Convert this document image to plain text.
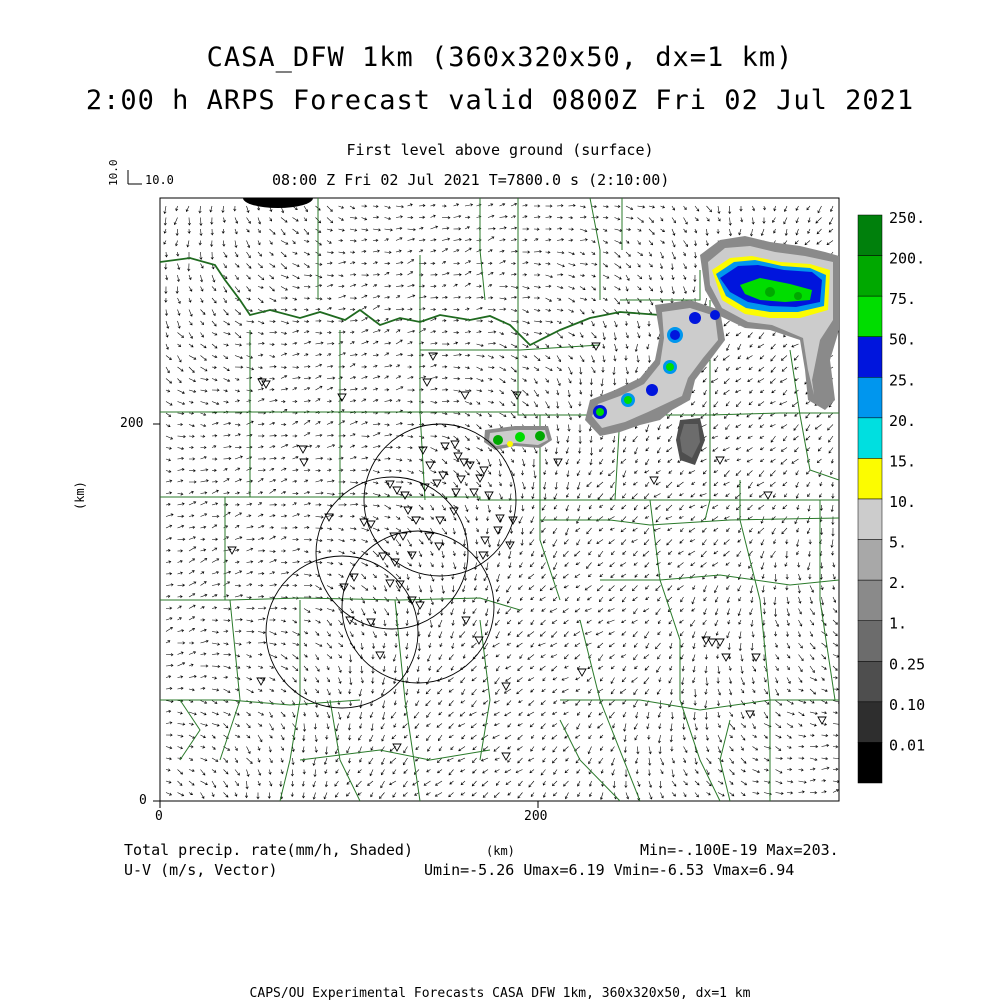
250.
200.
75.
50.
25.
20.
15.
10.
5.
2.
1.
0.25
0.10
0.01
CASA_DFW 1km (360x320x50, dx=1 km)
2:00 h ARPS Forecast valid 0800Z Fri 02 Jul 2021
First level above ground (surface)
08:00 Z Fri 02 Jul 2021 T=7800.0 s (2:10:00)
10.0
10.0
200
0
0	200
(km)
(km)
Total precip. rate(mm/h, Shaded)
U-V (m/s, Vector)
Min=-.100E-19 Max=203.
Umin=-5.26 Umax=6.19 Vmin=-6.53 Vmax=6.94
CAPS/OU Experimental Forecasts CASA DFW 1km, 360x320x50, dx=1 km
